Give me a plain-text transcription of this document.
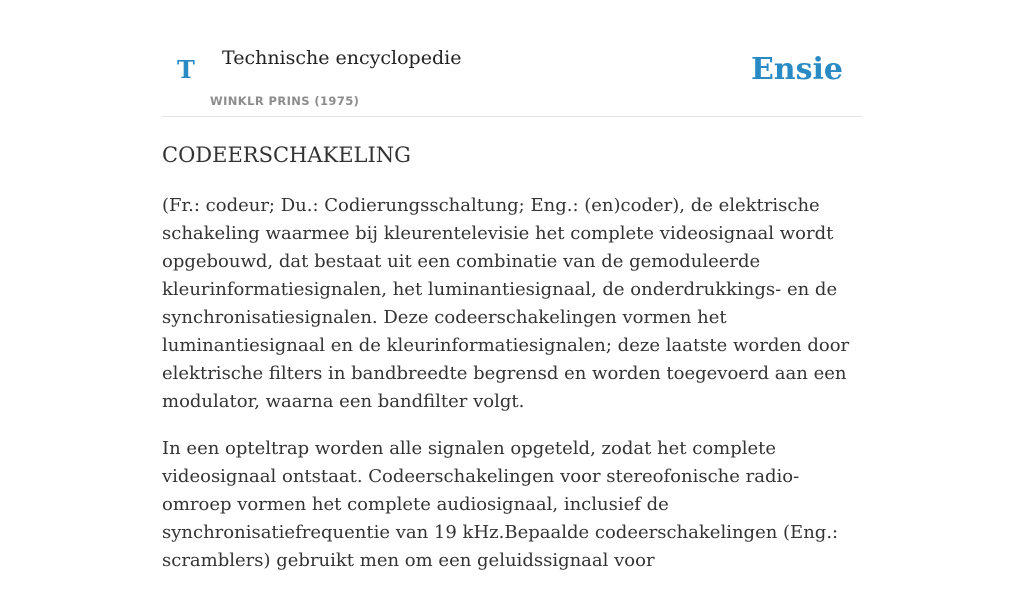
T Technische encyclopedie
WINKLR PRINS (1975)
Ensie
CODEERSCHAKELING

(Fr.: codeur; Du.: Codierungsschaltung; Eng.: (en)coder), de elektrische schakeling waarmee bij kleurentelevisie het complete videosignaal wordt opgebouwd, dat bestaat uit een combinatie van de gemoduleerde kleurinformatiesignalen, het luminantiesignaal, de onderdrukkings- en de synchronisatiesignalen. Deze codeerschakelingen vormen het luminantiesignaal en de kleurinformatiesignalen; deze laatste worden door elektrische filters in bandbreedte begrensd en worden toegevoerd aan een modulator, waarna een bandfilter volgt.

In een opteltrap worden alle signalen opgeteld, zodat het complete videosignaal ontstaat. Codeerschakelingen voor stereofonische radio-omroep vormen het complete audiosignaal, inclusief de synchronisatiefrequentie van 19 kHz.Bepaalde codeerschakelingen (Eng.: scramblers) gebruikt men om een geluidssignaal voor
